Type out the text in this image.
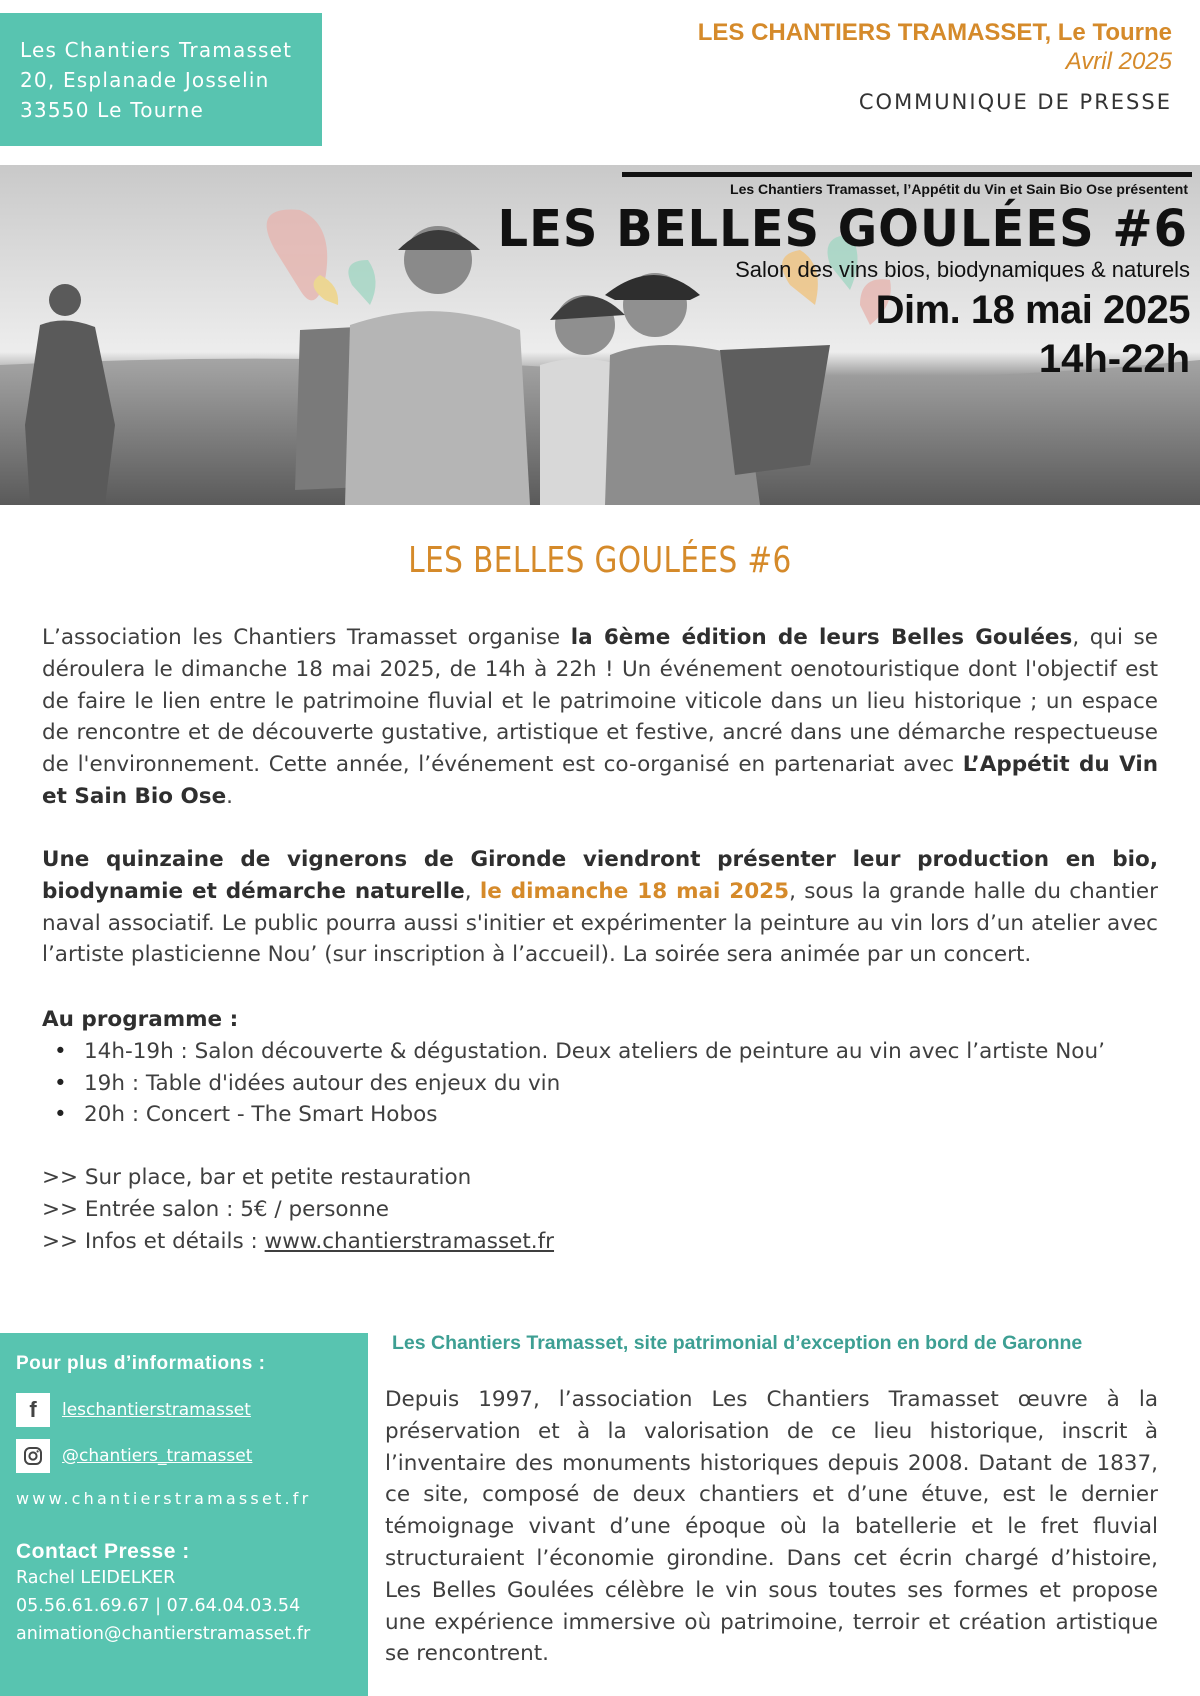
Les Chantiers Tramasset
20, Esplanade Josselin
33550 Le Tourne
LES CHANTIERS TRAMASSET, Le Tourne
Avril 2025
COMMUNIQUE DE PRESSE
Les Chantiers Tramasset, l’Appétit du Vin et Sain Bio Ose présentent
LES BELLES GOULÉES #6
Salon des vins bios, biodynamiques & naturels
Dim. 18 mai 2025
14h-22h
LES BELLES GOULÉES #6
L’association les Chantiers Tramasset organise la 6ème édition de leurs Belles Goulées, qui se déroulera le dimanche 18 mai 2025, de 14h à 22h ! Un événement oenotouristique dont l'objectif est de faire le lien entre le patrimoine fluvial et le patrimoine viticole dans un lieu historique ; un espace de rencontre et de découverte gustative, artistique et festive, ancré dans une démarche respectueuse de l'environnement. Cette année, l’événement est co-organisé en partenariat avec L’Appétit du Vin et Sain Bio Ose.
Une quinzaine de vignerons de Gironde viendront présenter leur production en bio, biodynamie et démarche naturelle, le dimanche 18 mai 2025, sous la grande halle du chantier naval associatif. Le public pourra aussi s'initier et expérimenter la peinture au vin lors d’un atelier avec l’artiste plasticienne Nou’ (sur inscription à l’accueil). La soirée sera animée par un concert.
Au programme :
• 14h-19h : Salon découverte & dégustation. Deux ateliers de peinture au vin avec l’artiste Nou’
• 19h : Table d'idées autour des enjeux du vin
• 20h : Concert - The Smart Hobos
>> Sur place, bar et petite restauration
>> Entrée salon : 5€ / personne
>> Infos et détails : www.chantierstramasset.fr
Pour plus d’informations :
f	leschantierstramasset
@chantiers_tramasset
www.chantierstramasset.fr
Contact Presse :
Rachel LEIDELKER
05.56.61.69.67 | 07.64.04.03.54
animation@chantierstramasset.fr
Les Chantiers Tramasset, site patrimonial d’exception en bord de Garonne
Depuis 1997, l’association Les Chantiers Tramasset œuvre à la préservation et à la valorisation de ce lieu historique, inscrit à l’inventaire des monuments historiques depuis 2008. Datant de 1837, ce site, composé de deux chantiers et d’une étuve, est le dernier témoignage vivant d’une époque où la batellerie et le fret fluvial structuraient l’économie girondine. Dans cet écrin chargé d’histoire, Les Belles Goulées célèbre le vin sous toutes ses formes et propose une expérience immersive où patrimoine, terroir et création artistique se rencontrent.
